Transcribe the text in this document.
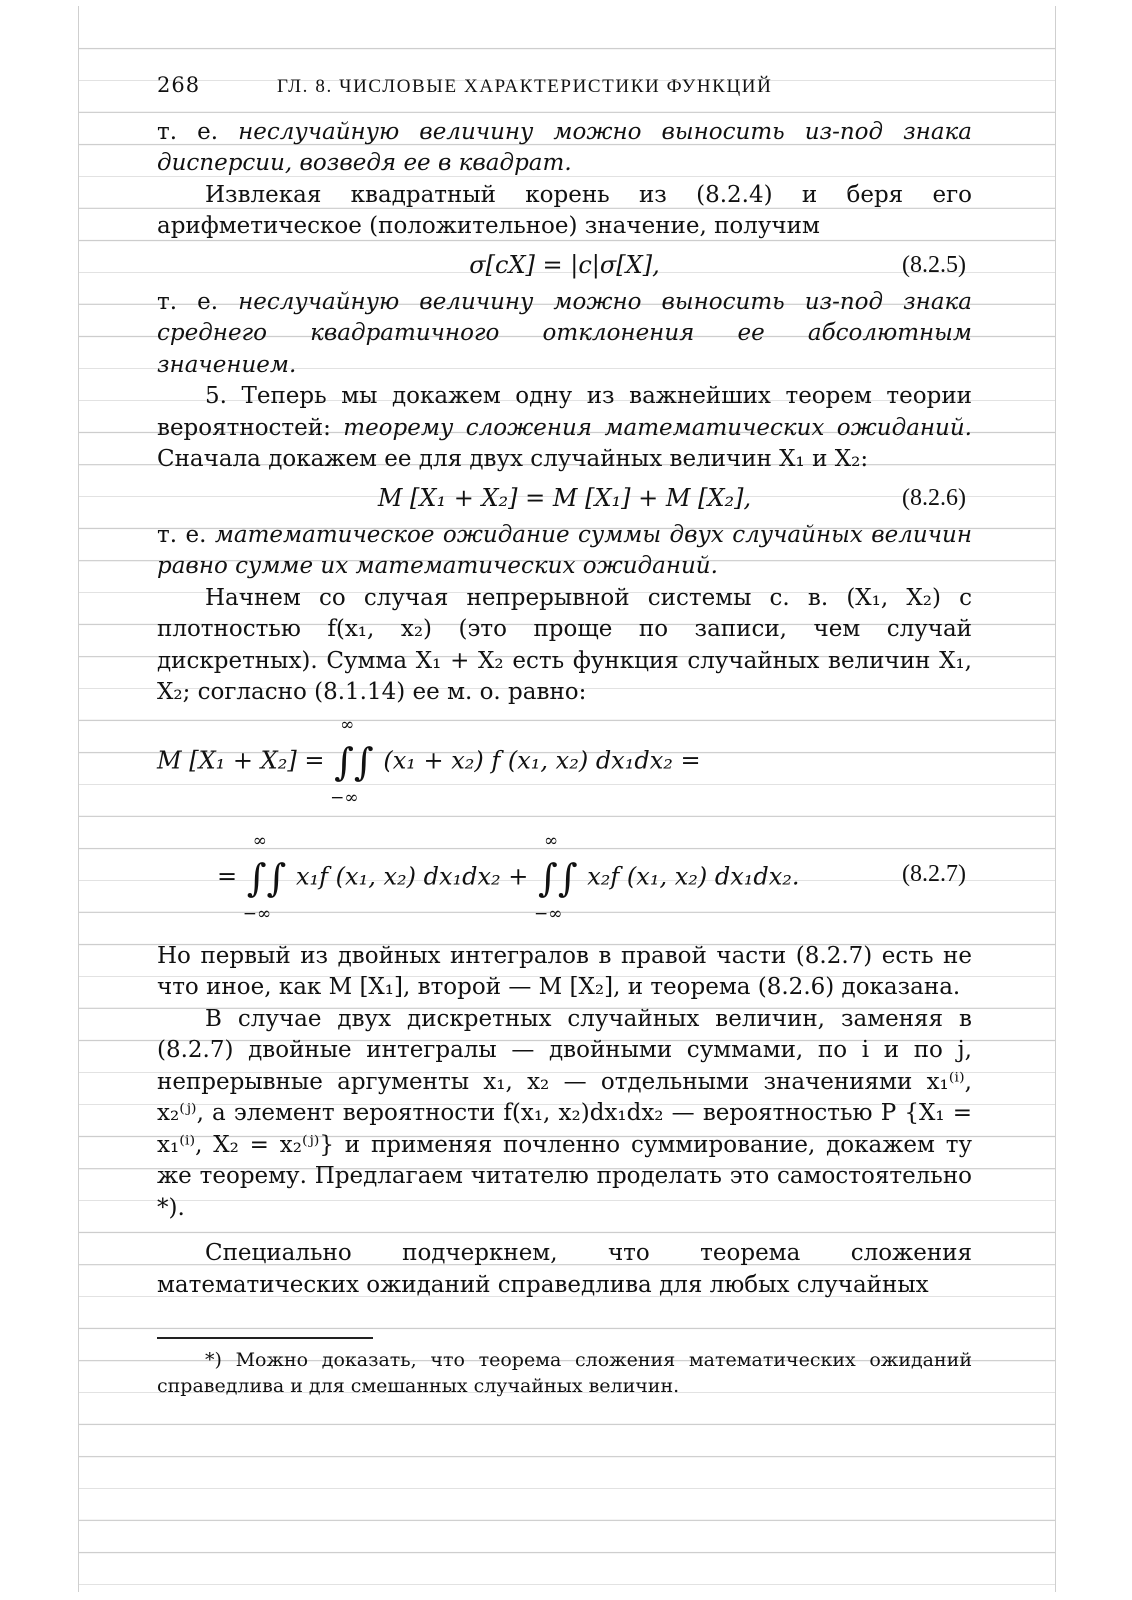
268	ГЛ. 8. ЧИСЛОВЫЕ ХАРАКТЕРИСТИКИ ФУНКЦИЙ

т. е. неслучайную величину можно выносить из-под знака дисперсии, возведя ее в квадрат.

Извлекая квадратный корень из (8.2.4) и беря его арифметическое (положительное) значение, получим

σ[cX] = |c|σ[X],	(8.2.5)

т. е. неслучайную величину можно выносить из-под знака среднего квадратичного отклонения ее абсолютным значением.

5. Теперь мы докажем одну из важнейших теорем теории вероятностей: теорему сложения математических ожиданий. Сначала докажем ее для двух случайных величин X₁ и X₂:

M [X₁ + X₂] = M [X₁] + M [X₂],	(8.2.6)

т. е. математическое ожидание суммы двух случайных величин равно сумме их математических ожиданий.

Начнем со случая непрерывной системы с. в. (X₁, X₂) с плотностью f(x₁, x₂) (это проще по записи, чем случай дискретных). Сумма X₁ + X₂ есть функция случайных величин X₁, X₂; согласно (8.1.14) ее м. о. равно:

M [X₁ + X₂] = ∫∫
∞
−∞
(x₁ + x₂) f (x₁, x₂) dx₁dx₂ =
= ∫∫
∞
−∞
x₁f (x₁, x₂) dx₁dx₂ + ∫∫
∞
−∞
x₂f (x₁, x₂) dx₁dx₂.	(8.2.7)

Но первый из двойных интегралов в правой части (8.2.7) есть не что иное, как M [X₁], второй — M [X₂], и теорема (8.2.6) доказана.

В случае двух дискретных случайных величин, заменяя в (8.2.7) двойные интегралы — двойными суммами, по i и по j, непрерывные аргументы x₁, x₂ — отдельными значениями x₁⁽ⁱ⁾, x₂⁽ʲ⁾, а элемент вероятности f(x₁, x₂)dx₁dx₂ — вероятностью P {X₁ = x₁⁽ⁱ⁾, X₂ = x₂⁽ʲ⁾} и применяя почленно суммирование, докажем ту же теорему. Предлагаем читателю проделать это самостоятельно *).

Специально подчеркнем, что теорема сложения математических ожиданий справедлива для любых случайных

*) Можно доказать, что теорема сложения математических ожиданий справедлива и для смешанных случайных величин.
